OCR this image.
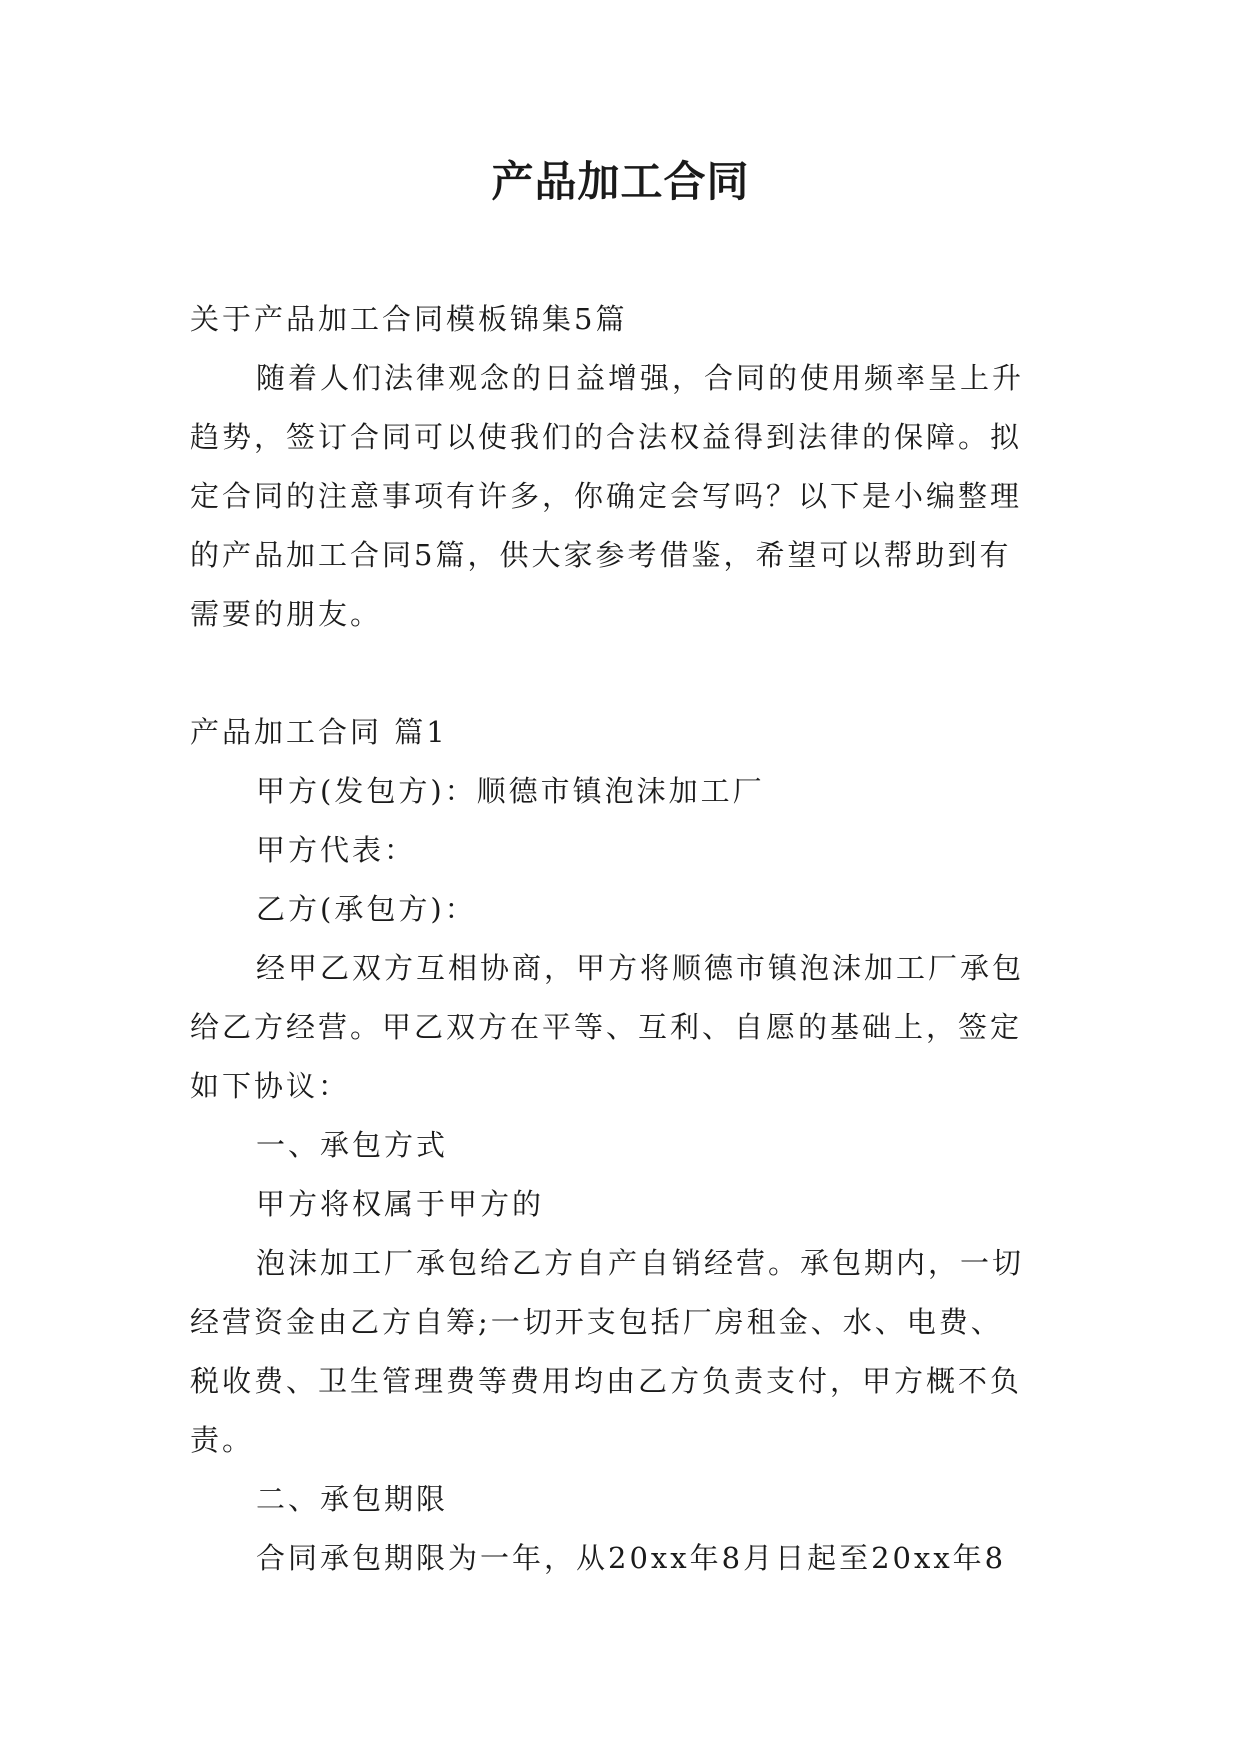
产品加工合同

关于产品加工合同模板锦集5篇

随着人们法律观念的日益增强，合同的使用频率呈上升

趋势，签订合同可以使我们的合法权益得到法律的保障。拟

定合同的注意事项有许多，你确定会写吗？以下是小编整理

的产品加工合同5篇，供大家参考借鉴，希望可以帮助到有

需要的朋友。

产品加工合同 篇1

甲方(发包方)：顺德市镇泡沫加工厂

甲方代表：

乙方(承包方)：

经甲乙双方互相协商，甲方将顺德市镇泡沫加工厂承包

给乙方经营。甲乙双方在平等、互利、自愿的基础上，签定

如下协议：

一、承包方式

甲方将权属于甲方的

泡沫加工厂承包给乙方自产自销经营。承包期内，一切

经营资金由乙方自筹;一切开支包括厂房租金、水、电费、

税收费、卫生管理费等费用均由乙方负责支付，甲方概不负

责。

二、承包期限

合同承包期限为一年，从20xx年8月日起至20xx年8
